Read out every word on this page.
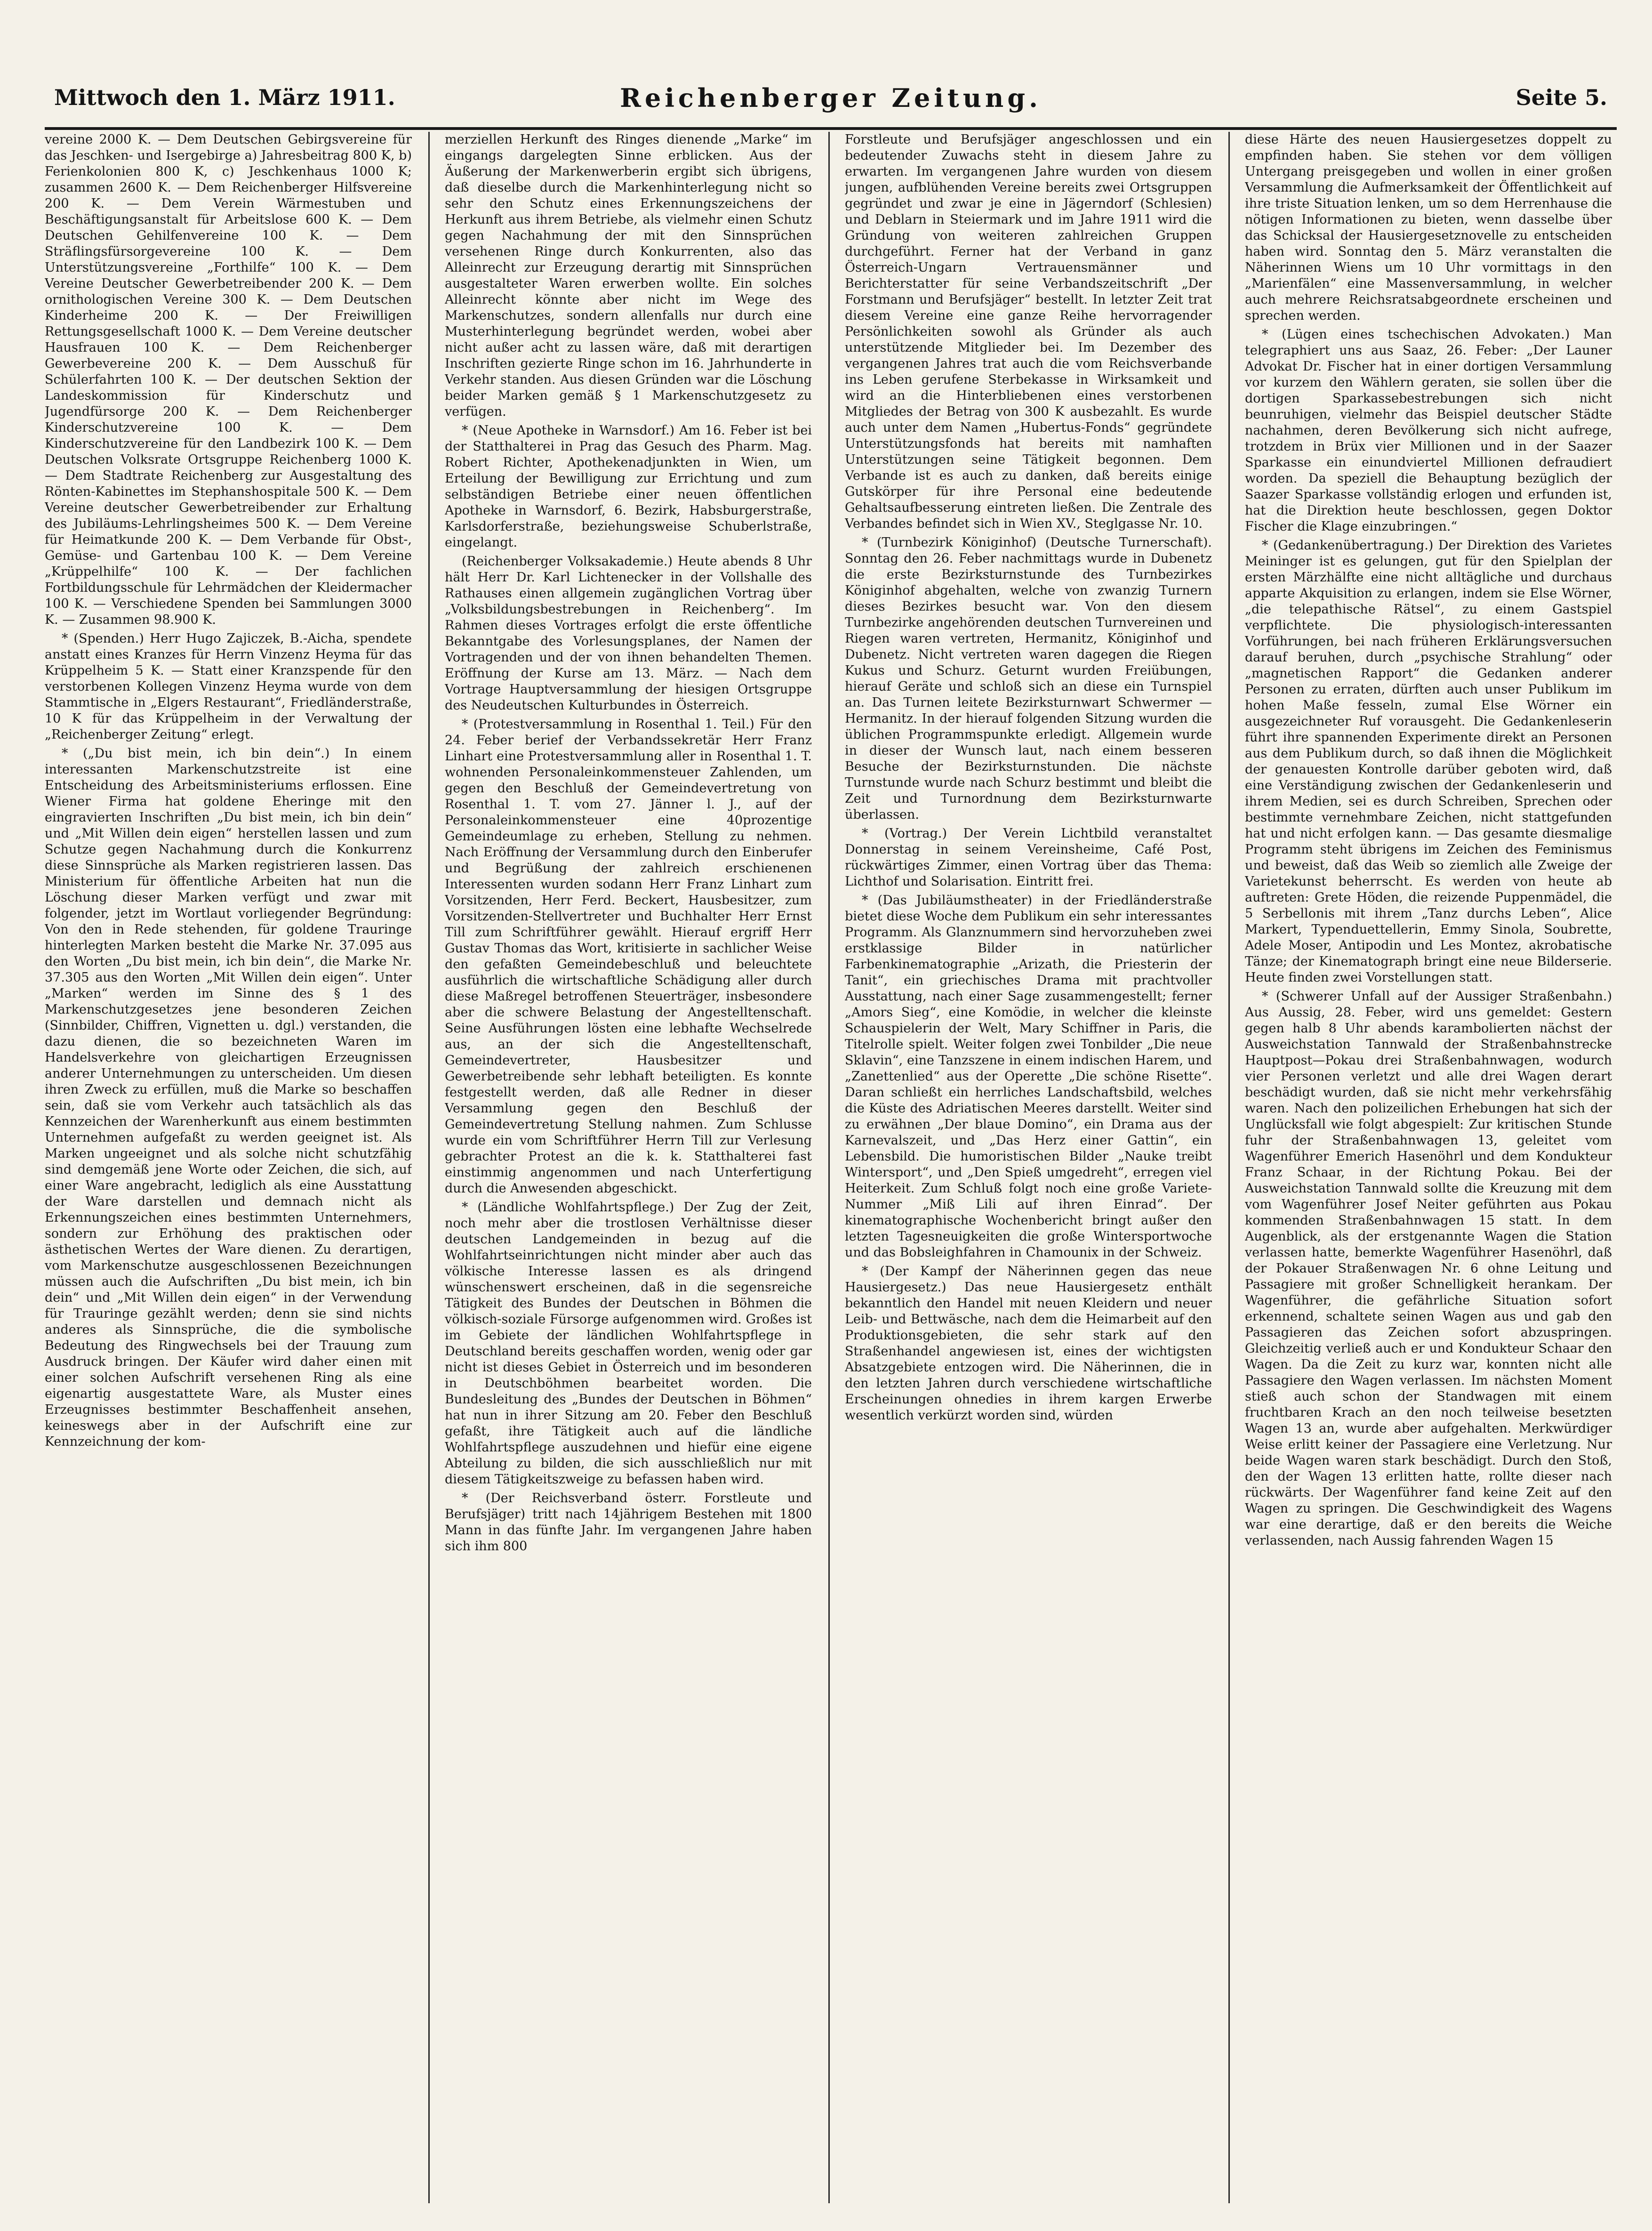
Mittwoch den 1. März 1911.	Reichenberger Zeitung.	Seite 5.

vereine 2000 K. — Dem Deutschen Gebirgsvereine für das Jeschken- und Isergebirge a) Jahresbeitrag 800 K, b) Ferienkolonien 800 K, c) Jeschkenhaus 1000 K; zusammen 2600 K. — Dem Reichenberger Hilfsvereine 200 K. — Dem Verein Wärmestuben und Beschäftigungsanstalt für Arbeitslose 600 K. — Dem Deutschen Gehilfenvereine 100 K. — Dem Sträflingsfürsorgevereine 100 K. — Dem Unterstützungsvereine „Forthilfe“ 100 K. — Dem Vereine Deutscher Gewerbetreibender 200 K. — Dem ornithologischen Vereine 300 K. — Dem Deutschen Kinderheime 200 K. — Der Freiwilligen Rettungsgesellschaft 1000 K. — Dem Vereine deutscher Hausfrauen 100 K. — Dem Reichenberger Gewerbevereine 200 K. — Dem Ausschuß für Schülerfahrten 100 K. — Der deutschen Sektion der Landeskommission für Kinderschutz und Jugendfürsorge 200 K. — Dem Reichenberger Kinderschutzvereine 100 K. — Dem Kinderschutzvereine für den Landbezirk 100 K. — Dem Deutschen Volksrate Ortsgruppe Reichenberg 1000 K. — Dem Stadtrate Reichenberg zur Ausgestaltung des Rönten-Kabinettes im Stephanshospitale 500 K. — Dem Vereine deutscher Gewerbetreibender zur Erhaltung des Jubiläums-Lehrlingsheimes 500 K. — Dem Vereine für Heimatkunde 200 K. — Dem Verbande für Obst-, Gemüse- und Gartenbau 100 K. — Dem Vereine „Krüppelhilfe“ 100 K. — Der fachlichen Fortbildungsschule für Lehrmädchen der Kleidermacher 100 K. — Verschiedene Spenden bei Sammlungen 3000 K. — Zusammen 98.900 K.

* (Spenden.) Herr Hugo Zajiczek, B.-Aicha, spendete anstatt eines Kranzes für Herrn Vinzenz Heyma für das Krüppelheim 5 K. — Statt einer Kranzspende für den verstorbenen Kollegen Vinzenz Heyma wurde von dem Stammtische in „Elgers Restaurant“, Friedländerstraße, 10 K für das Krüppelheim in der Verwaltung der „Reichenberger Zeitung“ erlegt.

* („Du bist mein, ich bin dein“.) In einem interessanten Markenschutzstreite ist eine Entscheidung des Arbeitsministeriums erflossen. Eine Wiener Firma hat goldene Eheringe mit den eingravierten Inschriften „Du bist mein, ich bin dein“ und „Mit Willen dein eigen“ herstellen lassen und zum Schutze gegen Nachahmung durch die Konkurrenz diese Sinnsprüche als Marken registrieren lassen. Das Ministerium für öffentliche Arbeiten hat nun die Löschung dieser Marken verfügt und zwar mit folgender, jetzt im Wortlaut vorliegender Begründung: Von den in Rede stehenden, für goldene Trauringe hinterlegten Marken besteht die Marke Nr. 37.095 aus den Worten „Du bist mein, ich bin dein“, die Marke Nr. 37.305 aus den Worten „Mit Willen dein eigen“. Unter „Marken“ werden im Sinne des § 1 des Markenschutzgesetzes jene besonderen Zeichen (Sinnbilder, Chiffren, Vignetten u. dgl.) verstanden, die dazu dienen, die so bezeichneten Waren im Handelsverkehre von gleichartigen Erzeugnissen anderer Unternehmungen zu unterscheiden. Um diesen ihren Zweck zu erfüllen, muß die Marke so beschaffen sein, daß sie vom Verkehr auch tatsächlich als das Kennzeichen der Warenherkunft aus einem bestimmten Unternehmen aufgefaßt zu werden geeignet ist. Als Marken ungeeignet und als solche nicht schutzfähig sind demgemäß jene Worte oder Zeichen, die sich, auf einer Ware angebracht, lediglich als eine Ausstattung der Ware darstellen und demnach nicht als Erkennungszeichen eines bestimmten Unternehmers, sondern zur Erhöhung des praktischen oder ästhetischen Wertes der Ware dienen. Zu derartigen, vom Markenschutze ausgeschlossenen Bezeichnungen müssen auch die Aufschriften „Du bist mein, ich bin dein“ und „Mit Willen dein eigen“ in der Verwendung für Trauringe gezählt werden; denn sie sind nichts anderes als Sinnsprüche, die die symbolische Bedeutung des Ringwechsels bei der Trauung zum Ausdruck bringen. Der Käufer wird daher einen mit einer solchen Aufschrift versehenen Ring als eine eigenartig ausgestattete Ware, als Muster eines Erzeugnisses bestimmter Beschaffenheit ansehen, keineswegs aber in der Aufschrift eine zur Kennzeichnung der kom-

merziellen Herkunft des Ringes dienende „Marke“ im eingangs dargelegten Sinne erblicken. Aus der Äußerung der Markenwerberin ergibt sich übrigens, daß dieselbe durch die Markenhinterlegung nicht so sehr den Schutz eines Erkennungszeichens der Herkunft aus ihrem Betriebe, als vielmehr einen Schutz gegen Nachahmung der mit den Sinnsprüchen versehenen Ringe durch Konkurrenten, also das Alleinrecht zur Erzeugung derartig mit Sinnsprüchen ausgestalteter Waren erwerben wollte. Ein solches Alleinrecht könnte aber nicht im Wege des Markenschutzes, sondern allenfalls nur durch eine Musterhinterlegung begründet werden, wobei aber nicht außer acht zu lassen wäre, daß mit derartigen Inschriften gezierte Ringe schon im 16. Jahrhunderte in Verkehr standen. Aus diesen Gründen war die Löschung beider Marken gemäß § 1 Markenschutzgesetz zu verfügen.

* (Neue Apotheke in Warnsdorf.) Am 16. Feber ist bei der Statthalterei in Prag das Gesuch des Pharm. Mag. Robert Richter, Apothekenadjunkten in Wien, um Erteilung der Bewilligung zur Errichtung und zum selbständigen Betriebe einer neuen öffentlichen Apotheke in Warnsdorf, 6. Bezirk, Habsburgerstraße, Karlsdorferstraße, beziehungsweise Schuberlstraße, eingelangt.

(Reichenberger Volksakademie.) Heute abends 8 Uhr hält Herr Dr. Karl Lichtenecker in der Vollshalle des Rathauses einen allgemein zugänglichen Vortrag über „Volksbildungsbestrebungen in Reichenberg“. Im Rahmen dieses Vortrages erfolgt die erste öffentliche Bekanntgabe des Vorlesungsplanes, der Namen der Vortragenden und der von ihnen behandelten Themen. Eröffnung der Kurse am 13. März. — Nach dem Vortrage Hauptversammlung der hiesigen Ortsgruppe des Neudeutschen Kulturbundes in Österreich.

* (Protestversammlung in Rosenthal 1. Teil.) Für den 24. Feber berief der Verbandssekretär Herr Franz Linhart eine Protestversammlung aller in Rosenthal 1. T. wohnenden Personaleinkommensteuer Zahlenden, um gegen den Beschluß der Gemeindevertretung von Rosenthal 1. T. vom 27. Jänner l. J., auf der Personaleinkommensteuer eine 40prozentige Gemeindeumlage zu erheben, Stellung zu nehmen. Nach Eröffnung der Versammlung durch den Einberufer und Begrüßung der zahlreich erschienenen Interessenten wurden sodann Herr Franz Linhart zum Vorsitzenden, Herr Ferd. Beckert, Hausbesitzer, zum Vorsitzenden-Stellvertreter und Buchhalter Herr Ernst Till zum Schriftführer gewählt. Hierauf ergriff Herr Gustav Thomas das Wort, kritisierte in sachlicher Weise den gefaßten Gemeindebeschluß und beleuchtete ausführlich die wirtschaftliche Schädigung aller durch diese Maßregel betroffenen Steuerträger, insbesondere aber die schwere Belastung der Angestelltenschaft. Seine Ausführungen lösten eine lebhafte Wechselrede aus, an der sich die Angestelltenschaft, Gemeindevertreter, Hausbesitzer und Gewerbetreibende sehr lebhaft beteiligten. Es konnte festgestellt werden, daß alle Redner in dieser Versammlung gegen den Beschluß der Gemeindevertretung Stellung nahmen. Zum Schlusse wurde ein vom Schriftführer Herrn Till zur Verlesung gebrachter Protest an die k. k. Statthalterei fast einstimmig angenommen und nach Unterfertigung durch die Anwesenden abgeschickt.

* (Ländliche Wohlfahrtspflege.) Der Zug der Zeit, noch mehr aber die trostlosen Verhältnisse dieser deutschen Landgemeinden in bezug auf die Wohlfahrtseinrichtungen nicht minder aber auch das völkische Interesse lassen es als dringend wünschenswert erscheinen, daß in die segensreiche Tätigkeit des Bundes der Deutschen in Böhmen die völkisch-soziale Fürsorge aufgenommen wird. Großes ist im Gebiete der ländlichen Wohlfahrtspflege in Deutschland bereits geschaffen worden, wenig oder gar nicht ist dieses Gebiet in Österreich und im besonderen in Deutschböhmen bearbeitet worden. Die Bundesleitung des „Bundes der Deutschen in Böhmen“ hat nun in ihrer Sitzung am 20. Feber den Beschluß gefaßt, ihre Tätigkeit auch auf die ländliche Wohlfahrtspflege auszudehnen und hiefür eine eigene Abteilung zu bilden, die sich ausschließlich nur mit diesem Tätigkeitszweige zu befassen haben wird.

* (Der Reichsverband österr. Forstleute und Berufsjäger) tritt nach 14jährigem Bestehen mit 1800 Mann in das fünfte Jahr. Im vergangenen Jahre haben sich ihm 800

Forstleute und Berufsjäger angeschlossen und ein bedeutender Zuwachs steht in diesem Jahre zu erwarten. Im vergangenen Jahre wurden von diesem jungen, aufblühenden Vereine bereits zwei Ortsgruppen gegründet und zwar je eine in Jägerndorf (Schlesien) und Deblarn in Steiermark und im Jahre 1911 wird die Gründung von weiteren zahlreichen Gruppen durchgeführt. Ferner hat der Verband in ganz Österreich-Ungarn Vertrauensmänner und Berichterstatter für seine Verbandszeitschrift „Der Forstmann und Berufsjäger“ bestellt. In letzter Zeit trat diesem Vereine eine ganze Reihe hervorragender Persönlichkeiten sowohl als Gründer als auch unterstützende Mitglieder bei. Im Dezember des vergangenen Jahres trat auch die vom Reichsverbande ins Leben gerufene Sterbekasse in Wirksamkeit und wird an die Hinterbliebenen eines verstorbenen Mitgliedes der Betrag von 300 K ausbezahlt. Es wurde auch unter dem Namen „Hubertus-Fonds“ gegründete Unterstützungsfonds hat bereits mit namhaften Unterstützungen seine Tätigkeit begonnen. Dem Verbande ist es auch zu danken, daß bereits einige Gutskörper für ihre Personal eine bedeutende Gehaltsaufbesserung eintreten ließen. Die Zentrale des Verbandes befindet sich in Wien XV., Steglgasse Nr. 10.

* (Turnbezirk Königinhof) (Deutsche Turnerschaft). Sonntag den 26. Feber nachmittags wurde in Dubenetz die erste Bezirksturnstunde des Turnbezirkes Königinhof abgehalten, welche von zwanzig Turnern dieses Bezirkes besucht war. Von den diesem Turnbezirke angehörenden deutschen Turnvereinen und Riegen waren vertreten, Hermanitz, Königinhof und Dubenetz. Nicht vertreten waren dagegen die Riegen Kukus und Schurz. Geturnt wurden Freiübungen, hierauf Geräte und schloß sich an diese ein Turnspiel an. Das Turnen leitete Bezirksturnwart Schwermer — Hermanitz. In der hierauf folgenden Sitzung wurden die üblichen Programmspunkte erledigt. Allgemein wurde in dieser der Wunsch laut, nach einem besseren Besuche der Bezirksturnstunden. Die nächste Turnstunde wurde nach Schurz bestimmt und bleibt die Zeit und Turnordnung dem Bezirksturnwarte überlassen.

* (Vortrag.) Der Verein Lichtbild veranstaltet Donnerstag in seinem Vereinsheime, Café Post, rückwärtiges Zimmer, einen Vortrag über das Thema: Lichthof und Solarisation. Eintritt frei.

* (Das Jubiläumstheater) in der Friedländerstraße bietet diese Woche dem Publikum ein sehr interessantes Programm. Als Glanznummern sind hervorzuheben zwei erstklassige Bilder in natürlicher Farbenkinematographie „Arizath, die Priesterin der Tanit“, ein griechisches Drama mit prachtvoller Ausstattung, nach einer Sage zusammengestellt; ferner „Amors Sieg“, eine Komödie, in welcher die kleinste Schauspielerin der Welt, Mary Schiffner in Paris, die Titelrolle spielt. Weiter folgen zwei Tonbilder „Die neue Sklavin“, eine Tanzszene in einem indischen Harem, und „Zanettenlied“ aus der Operette „Die schöne Risette“. Daran schließt ein herrliches Landschaftsbild, welches die Küste des Adriatischen Meeres darstellt. Weiter sind zu erwähnen „Der blaue Domino“, ein Drama aus der Karnevalszeit, und „Das Herz einer Gattin“, ein Lebensbild. Die humoristischen Bilder „Nauke treibt Wintersport“, und „Den Spieß umgedreht“, erregen viel Heiterkeit. Zum Schluß folgt noch eine große Variete-Nummer „Miß Lili auf ihren Einrad“. Der kinematographische Wochenbericht bringt außer den letzten Tagesneuigkeiten die große Wintersportwoche und das Bobsleighfahren in Chamounix in der Schweiz.

* (Der Kampf der Näherinnen gegen das neue Hausiergesetz.) Das neue Hausiergesetz enthält bekanntlich den Handel mit neuen Kleidern und neuer Leib- und Bettwäsche, nach dem die Heimarbeit auf den Produktionsgebieten, die sehr stark auf den Straßenhandel angewiesen ist, eines der wichtigsten Absatzgebiete entzogen wird. Die Näherinnen, die in den letzten Jahren durch verschiedene wirtschaftliche Erscheinungen ohnedies in ihrem kargen Erwerbe wesentlich verkürzt worden sind, würden

diese Härte des neuen Hausiergesetzes doppelt zu empfinden haben. Sie stehen vor dem völligen Untergang preisgegeben und wollen in einer großen Versammlung die Aufmerksamkeit der Öffentlichkeit auf ihre triste Situation lenken, um so dem Herrenhause die nötigen Informationen zu bieten, wenn dasselbe über das Schicksal der Hausiergesetznovelle zu entscheiden haben wird. Sonntag den 5. März veranstalten die Näherinnen Wiens um 10 Uhr vormittags in den „Marienfälen“ eine Massenversammlung, in welcher auch mehrere Reichsratsabgeordnete erscheinen und sprechen werden.

* (Lügen eines tschechischen Advokaten.) Man telegraphiert uns aus Saaz, 26. Feber: „Der Launer Advokat Dr. Fischer hat in einer dortigen Versammlung vor kurzem den Wählern geraten, sie sollen über die dortigen Sparkassebestrebungen sich nicht beunruhigen, vielmehr das Beispiel deutscher Städte nachahmen, deren Bevölkerung sich nicht aufrege, trotzdem in Brüx vier Millionen und in der Saazer Sparkasse ein einundviertel Millionen defraudiert worden. Da speziell die Behauptung bezüglich der Saazer Sparkasse vollständig erlogen und erfunden ist, hat die Direktion heute beschlossen, gegen Doktor Fischer die Klage einzubringen.“

* (Gedankenübertragung.) Der Direktion des Varietes Meininger ist es gelungen, gut für den Spielplan der ersten Märzhälfte eine nicht alltägliche und durchaus apparte Akquisition zu erlangen, indem sie Else Wörner, „die telepathische Rätsel“, zu einem Gastspiel verpflichtete. Die physiologisch-interessanten Vorführungen, bei nach früheren Erklärungsversuchen darauf beruhen, durch „psychische Strahlung“ oder „magnetischen Rapport“ die Gedanken anderer Personen zu erraten, dürften auch unser Publikum im hohen Maße fesseln, zumal Else Wörner ein ausgezeichneter Ruf vorausgeht. Die Gedankenleserin führt ihre spannenden Experimente direkt an Personen aus dem Publikum durch, so daß ihnen die Möglichkeit der genauesten Kontrolle darüber geboten wird, daß eine Verständigung zwischen der Gedankenleserin und ihrem Medien, sei es durch Schreiben, Sprechen oder bestimmte vernehmbare Zeichen, nicht stattgefunden hat und nicht erfolgen kann. — Das gesamte diesmalige Programm steht übrigens im Zeichen des Feminismus und beweist, daß das Weib so ziemlich alle Zweige der Varietekunst beherrscht. Es werden von heute ab auftreten: Grete Höden, die reizende Puppenmädel, die 5 Serbellonis mit ihrem „Tanz durchs Leben“, Alice Markert, Typenduettellerin, Emmy Sinola, Soubrette, Adele Moser, Antipodin und Les Montez, akrobatische Tänze; der Kinematograph bringt eine neue Bilderserie. Heute finden zwei Vorstellungen statt.

* (Schwerer Unfall auf der Aussiger Straßenbahn.) Aus Aussig, 28. Feber, wird uns gemeldet: Gestern gegen halb 8 Uhr abends karambolierten nächst der Ausweichstation Tannwald der Straßenbahnstrecke Hauptpost—Pokau drei Straßenbahnwagen, wodurch vier Personen verletzt und alle drei Wagen derart beschädigt wurden, daß sie nicht mehr verkehrsfähig waren. Nach den polizeilichen Erhebungen hat sich der Unglücksfall wie folgt abgespielt: Zur kritischen Stunde fuhr der Straßenbahnwagen 13, geleitet vom Wagenführer Emerich Hasenöhrl und dem Kondukteur Franz Schaar, in der Richtung Pokau. Bei der Ausweichstation Tannwald sollte die Kreuzung mit dem vom Wagenführer Josef Neiter geführten aus Pokau kommenden Straßenbahnwagen 15 statt. In dem Augenblick, als der erstgenannte Wagen die Station verlassen hatte, bemerkte Wagenführer Hasenöhrl, daß der Pokauer Straßenwagen Nr. 6 ohne Leitung und Passagiere mit großer Schnelligkeit herankam. Der Wagenführer, die gefährliche Situation sofort erkennend, schaltete seinen Wagen aus und gab den Passagieren das Zeichen sofort abzuspringen. Gleichzeitig verließ auch er und Kondukteur Schaar den Wagen. Da die Zeit zu kurz war, konnten nicht alle Passagiere den Wagen verlassen. Im nächsten Moment stieß auch schon der Standwagen mit einem fruchtbaren Krach an den noch teilweise besetzten Wagen 13 an, wurde aber aufgehalten. Merkwürdiger Weise erlitt keiner der Passagiere eine Verletzung. Nur beide Wagen waren stark beschädigt. Durch den Stoß, den der Wagen 13 erlitten hatte, rollte dieser nach rückwärts. Der Wagenführer fand keine Zeit auf den Wagen zu springen. Die Geschwindigkeit des Wagens war eine derartige, daß er den bereits die Weiche verlassenden, nach Aussig fahrenden Wagen 15
